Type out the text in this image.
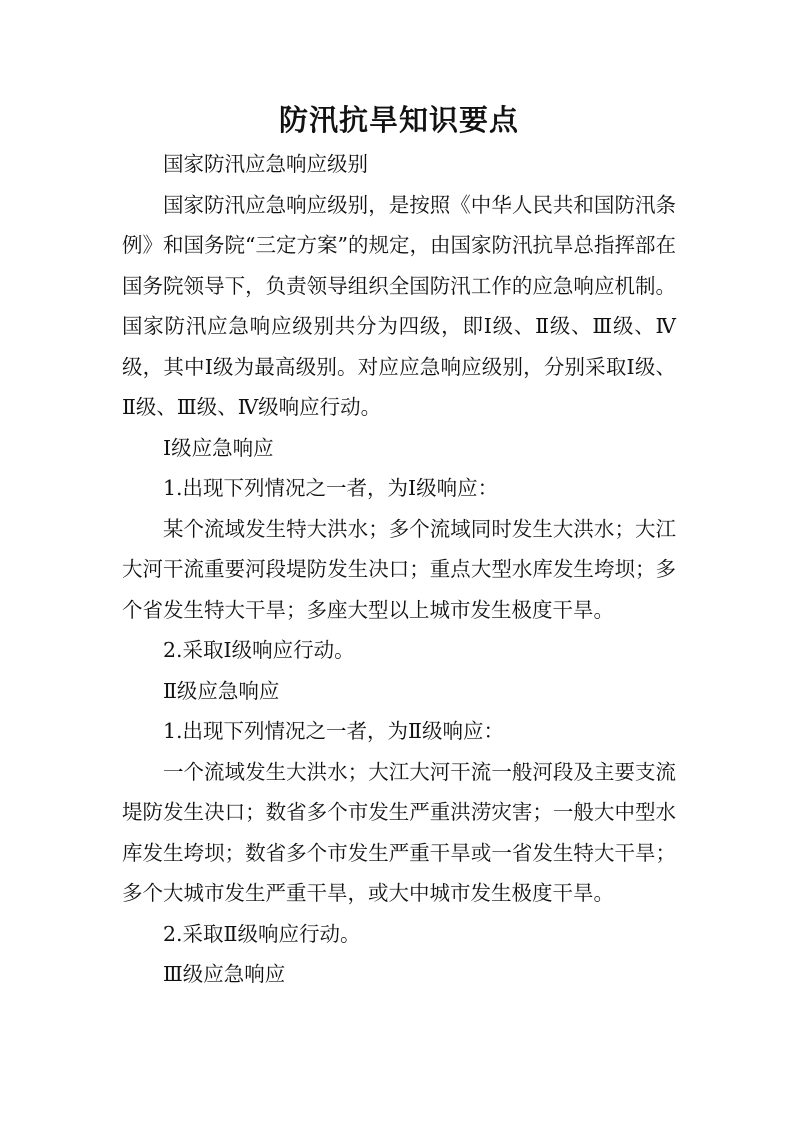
防汛抗旱知识要点

国家防汛应急响应级别

国家防汛应急响应级别，是按照《中华人民共和国防汛条例》和国务院“三定方案”的规定，由国家防汛抗旱总指挥部在国务院领导下，负责领导组织全国防汛工作的应急响应机制。国家防汛应急响应级别共分为四级，即Ⅰ级、Ⅱ级、Ⅲ级、Ⅳ级，其中Ⅰ级为最高级别。对应应急响应级别，分别采取Ⅰ级、Ⅱ级、Ⅲ级、Ⅳ级响应行动。

Ⅰ级应急响应

1.出现下列情况之一者，为Ⅰ级响应：

某个流域发生特大洪水；多个流域同时发生大洪水；大江大河干流重要河段堤防发生决口；重点大型水库发生垮坝；多个省发生特大干旱；多座大型以上城市发生极度干旱。

2.采取Ⅰ级响应行动。

Ⅱ级应急响应

1.出现下列情况之一者，为Ⅱ级响应：

一个流域发生大洪水；大江大河干流一般河段及主要支流堤防发生决口；数省多个市发生严重洪涝灾害；一般大中型水库发生垮坝；数省多个市发生严重干旱或一省发生特大干旱；多个大城市发生严重干旱，或大中城市发生极度干旱。

2.采取Ⅱ级响应行动。

Ⅲ级应急响应
